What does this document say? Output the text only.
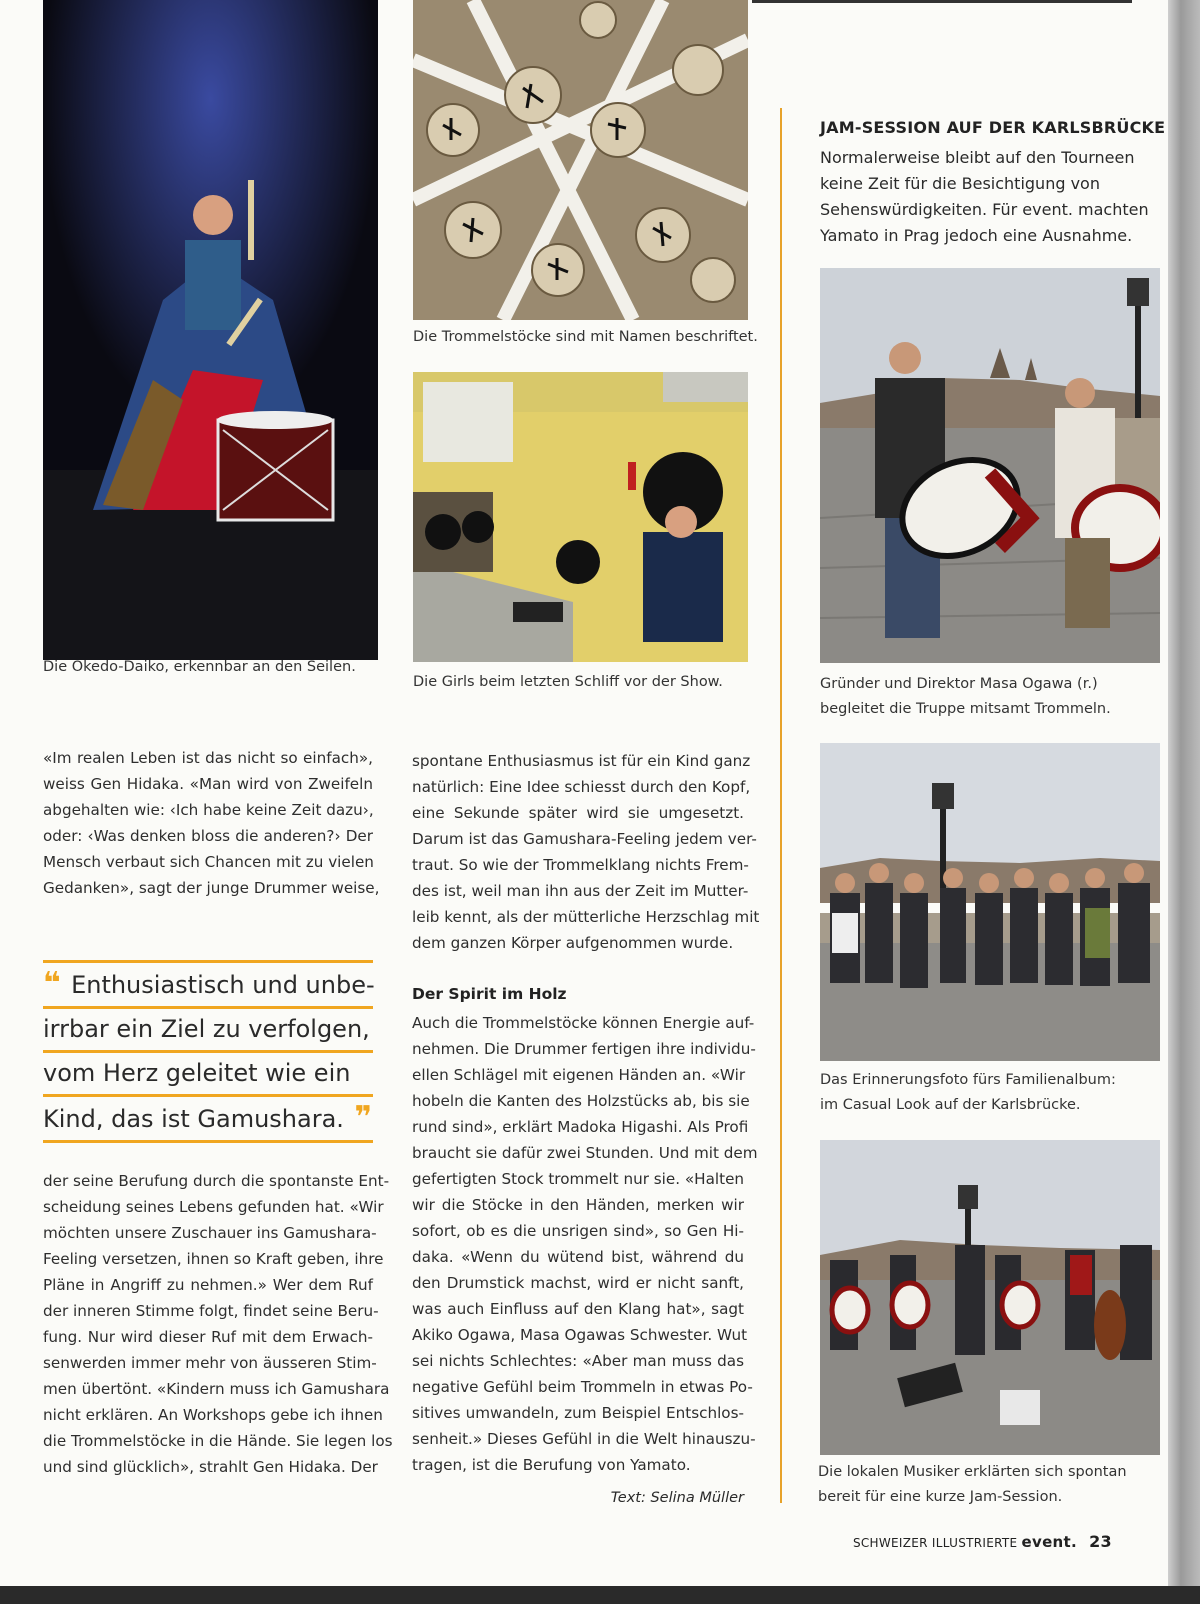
Die Okedo-Daiko, erkennbar an den Seilen.
Die Trommelstöcke sind mit Namen beschriftet.
Die Girls beim letzten Schliff vor der Show.
«Im realen Leben ist das nicht so einfach»,
weiss Gen Hidaka. «Man wird von Zweifeln
abgehalten wie: ‹Ich habe keine Zeit dazu›,
oder: ‹Was denken bloss die anderen?› Der
Mensch verbaut sich Chancen mit zu vielen
Gedanken», sagt der junge Drummer weise,
❝ Enthusiastisch und unbe-
irrbar ein Ziel zu verfolgen,
vom Herz geleitet wie ein
Kind, das ist Gamushara. ❞
der seine Berufung durch die spontanste Ent-
scheidung seines Lebens gefunden hat. «Wir
möchten unsere Zuschauer ins Gamushara-
Feeling versetzen, ihnen so Kraft geben, ihre
Pläne in Angriff zu nehmen.» Wer dem Ruf
der inneren Stimme folgt, findet seine Beru-
fung. Nur wird dieser Ruf mit dem Erwach-
senwerden immer mehr von äusseren Stim-
men übertönt. «Kindern muss ich Gamushara
nicht erklären. An Workshops gebe ich ihnen
die Trommelstöcke in die Hände. Sie legen los
und sind glücklich», strahlt Gen Hidaka. Der
spontane Enthusiasmus ist für ein Kind ganz
natürlich: Eine Idee schiesst durch den Kopf,
eine Sekunde später wird sie umgesetzt.
Darum ist das Gamushara-Feeling jedem ver-
traut. So wie der Trommelklang nichts Frem-
des ist, weil man ihn aus der Zeit im Mutter-
leib kennt, als der mütterliche Herzschlag mit
dem ganzen Körper aufgenommen wurde.
Der Spirit im Holz
Auch die Trommelstöcke können Energie auf-
nehmen. Die Drummer fertigen ihre individu-
ellen Schlägel mit eigenen Händen an. «Wir
hobeln die Kanten des Holzstücks ab, bis sie
rund sind», erklärt Madoka Higashi. Als Profi
braucht sie dafür zwei Stunden. Und mit dem
gefertigten Stock trommelt nur sie. «Halten
wir die Stöcke in den Händen, merken wir
sofort, ob es die unsrigen sind», so Gen Hi-
daka. «Wenn du wütend bist, während du
den Drumstick machst, wird er nicht sanft,
was auch Einfluss auf den Klang hat», sagt
Akiko Ogawa, Masa Ogawas Schwester. Wut
sei nichts Schlechtes: «Aber man muss das
negative Gefühl beim Trommeln in etwas Po-
sitives umwandeln, zum Beispiel Entschlos-
senheit.» Dieses Gefühl in die Welt hinauszu-
tragen, ist die Berufung von Yamato.
Text: Selina Müller
JAM-SESSION AUF DER KARLSBRÜCKE
Normalerweise bleibt auf den Tourneen
keine Zeit für die Besichtigung von
Sehenswürdigkeiten. Für event. machten
Yamato in Prag jedoch eine Ausnahme.
Gründer und Direktor Masa Ogawa (r.)
begleitet die Truppe mitsamt Trommeln.
Das Erinnerungsfoto fürs Familienalbum:
im Casual Look auf der Karlsbrücke.
Die lokalen Musiker erklärten sich spontan
bereit für eine kurze Jam-Session.
SCHWEIZER ILLUSTRIERTE event. 23
